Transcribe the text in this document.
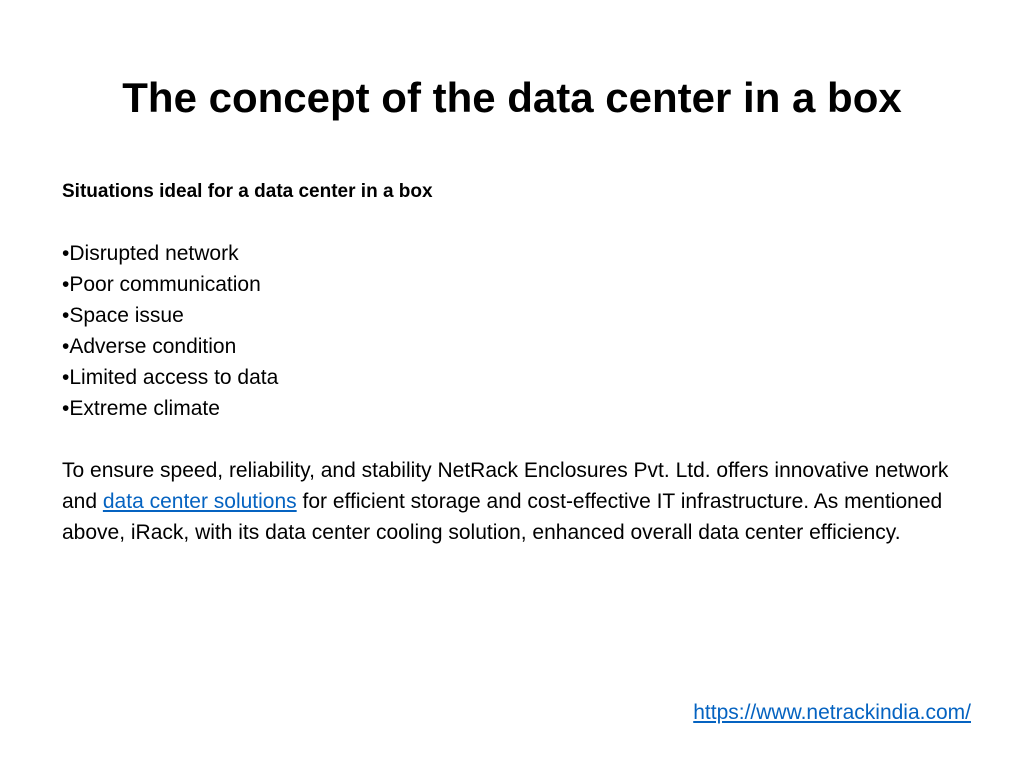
The concept of the data center in a box

Situations ideal for a data center in a box

•Disrupted network
•Poor communication
•Space issue
•Adverse condition
•Limited access to data
•Extreme climate

To ensure speed, reliability, and stability NetRack Enclosures Pvt. Ltd. offers innovative network and data center solutions for efficient storage and cost-effective IT infrastructure. As mentioned above, iRack, with its data center cooling solution, enhanced overall data center efficiency.

https://www.netrackindia.com/
